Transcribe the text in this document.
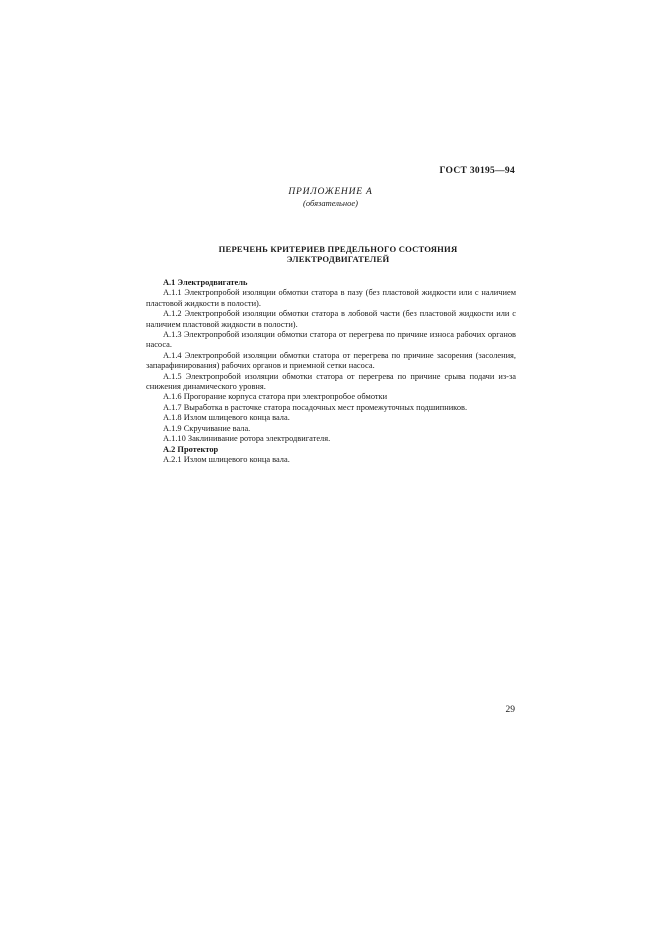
ГОСТ 30195—94
ПРИЛОЖЕНИЕ А
(обязательное)
ПЕРЕЧЕНЬ КРИТЕРИЕВ ПРЕДЕЛЬНОГО СОСТОЯНИЯ
ЭЛЕКТРОДВИГАТЕЛЕЙ

А.1 Электродвигатель

А.1.1 Электропробой изоляции обмотки статора в пазу (без пластовой жидкости или с наличием пластовой жидкости в полости).

А.1.2 Электропробой изоляции обмотки статора в лобовой части (без пластовой жидкости или с наличием пластовой жидкости в полости).

А.1.3 Электропробой изоляции обмотки статора от перегрева по причине износа рабочих органов насоса.

А.1.4 Электропробой изоляции обмотки статора от перегрева по причине засорения (засоления, запарафинирования) рабочих органов и приемной сетки насоса.

А.1.5 Электропробой изоляции обмотки статора от перегрева по причине срыва подачи из-за снижения динамического уровня.

А.1.6 Прогорание корпуса статора при электропробое обмотки

А.1.7 Выработка в расточке статора посадочных мест промежуточных подшипников.

А.1.8 Излом шлицевого конца вала.

А.1.9 Скручивание вала.

А.1.10 Заклинивание ротора электродвигателя.

А.2 Протектор

А.2.1 Излом шлицевого конца вала.

29
